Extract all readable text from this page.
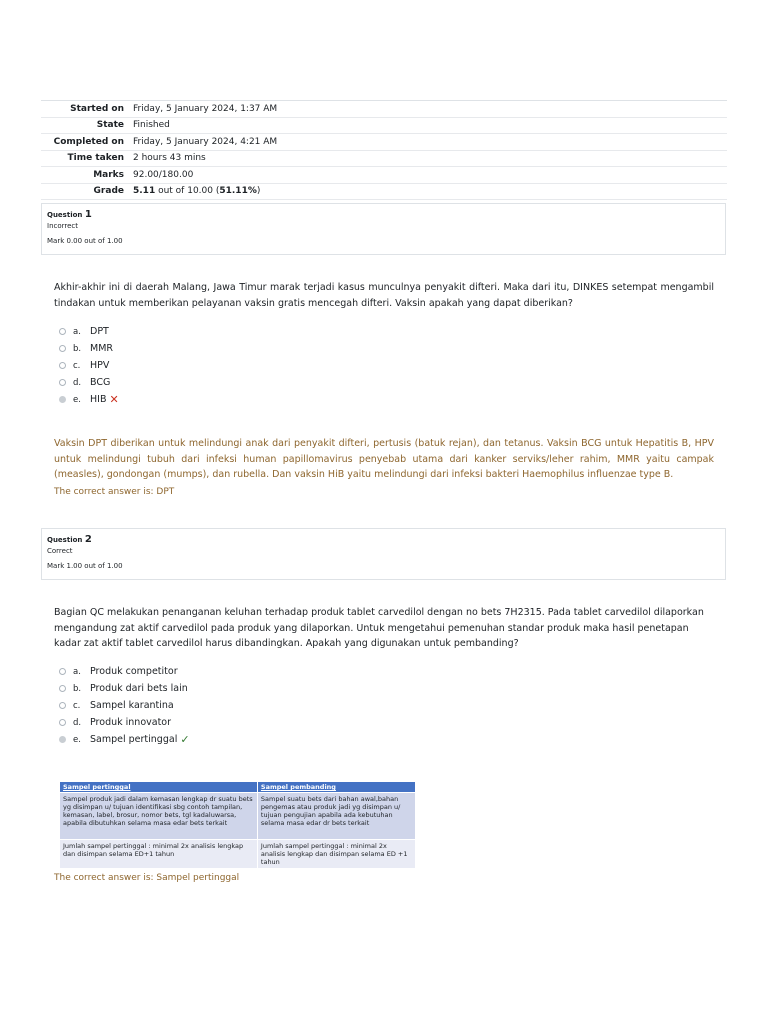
Started on	Friday, 5 January 2024, 1:37 AM
State	Finished
Completed on	Friday, 5 January 2024, 4:21 AM
Time taken	2 hours 43 mins
Marks	92.00/180.00
Grade	5.11 out of 10.00 (51.11%)
Question 1
Incorrect
Mark 0.00 out of 1.00
Akhir-akhir ini di daerah Malang, Jawa Timur marak terjadi kasus munculnya penyakit difteri. Maka dari itu, DINKES setempat mengambil tindakan untuk memberikan pelayanan vaksin gratis mencegah difteri. Vaksin apakah yang dapat diberikan?
a. DPT
b. MMR
c.	HPV
d. BCG
e. HIB ✕
Vaksin DPT diberikan untuk melindungi anak dari penyakit difteri, pertusis (batuk rejan), dan tetanus. Vaksin BCG untuk Hepatitis B, HPV untuk melindungi tubuh dari infeksi human papillomavirus penyebab utama dari kanker serviks/leher rahim, MMR yaitu campak (measles), gondongan (mumps), dan rubella. Dan vaksin HiB yaitu melindungi dari infeksi bakteri Haemophilus influenzae type B.
The correct answer is: DPT
Question 2
Correct
Mark 1.00 out of 1.00
Bagian QC melakukan penanganan keluhan terhadap produk tablet carvedilol dengan no bets 7H2315. Pada tablet carvedilol dilaporkan mengandung zat aktif carvedilol pada produk yang dilaporkan. Untuk mengetahui pemenuhan standar produk maka hasil penetapan kadar zat aktif tablet carvedilol harus dibandingkan. Apakah yang digunakan untuk pembanding?
a. Produk competitor
b. Produk dari bets lain
c.	Sampel karantina
d. Produk innovator
e. Sampel pertinggal ✓
Sampel pertinggal	Sampel pembanding
Sampel produk jadi dalam kemasan lengkap dr suatu bets yg disimpan u/ tujuan identifikasi sbg contoh tampilan, kemasan, label, brosur, nomor bets, tgl kadaluwarsa, apabila dibutuhkan selama masa edar bets terkait	Sampel suatu bets dari bahan awal,bahan pengemas atau produk jadi yg disimpan u/ tujuan pengujian apabila ada kebutuhan selama masa edar dr bets terkait
Jumlah sampel pertinggal : minimal 2x analisis lengkap dan disimpan selama ED+1 tahun	Jumlah sampel pertinggal : minimal 2x analisis lengkap dan disimpan selama ED +1 tahun
The correct answer is: Sampel pertinggal
